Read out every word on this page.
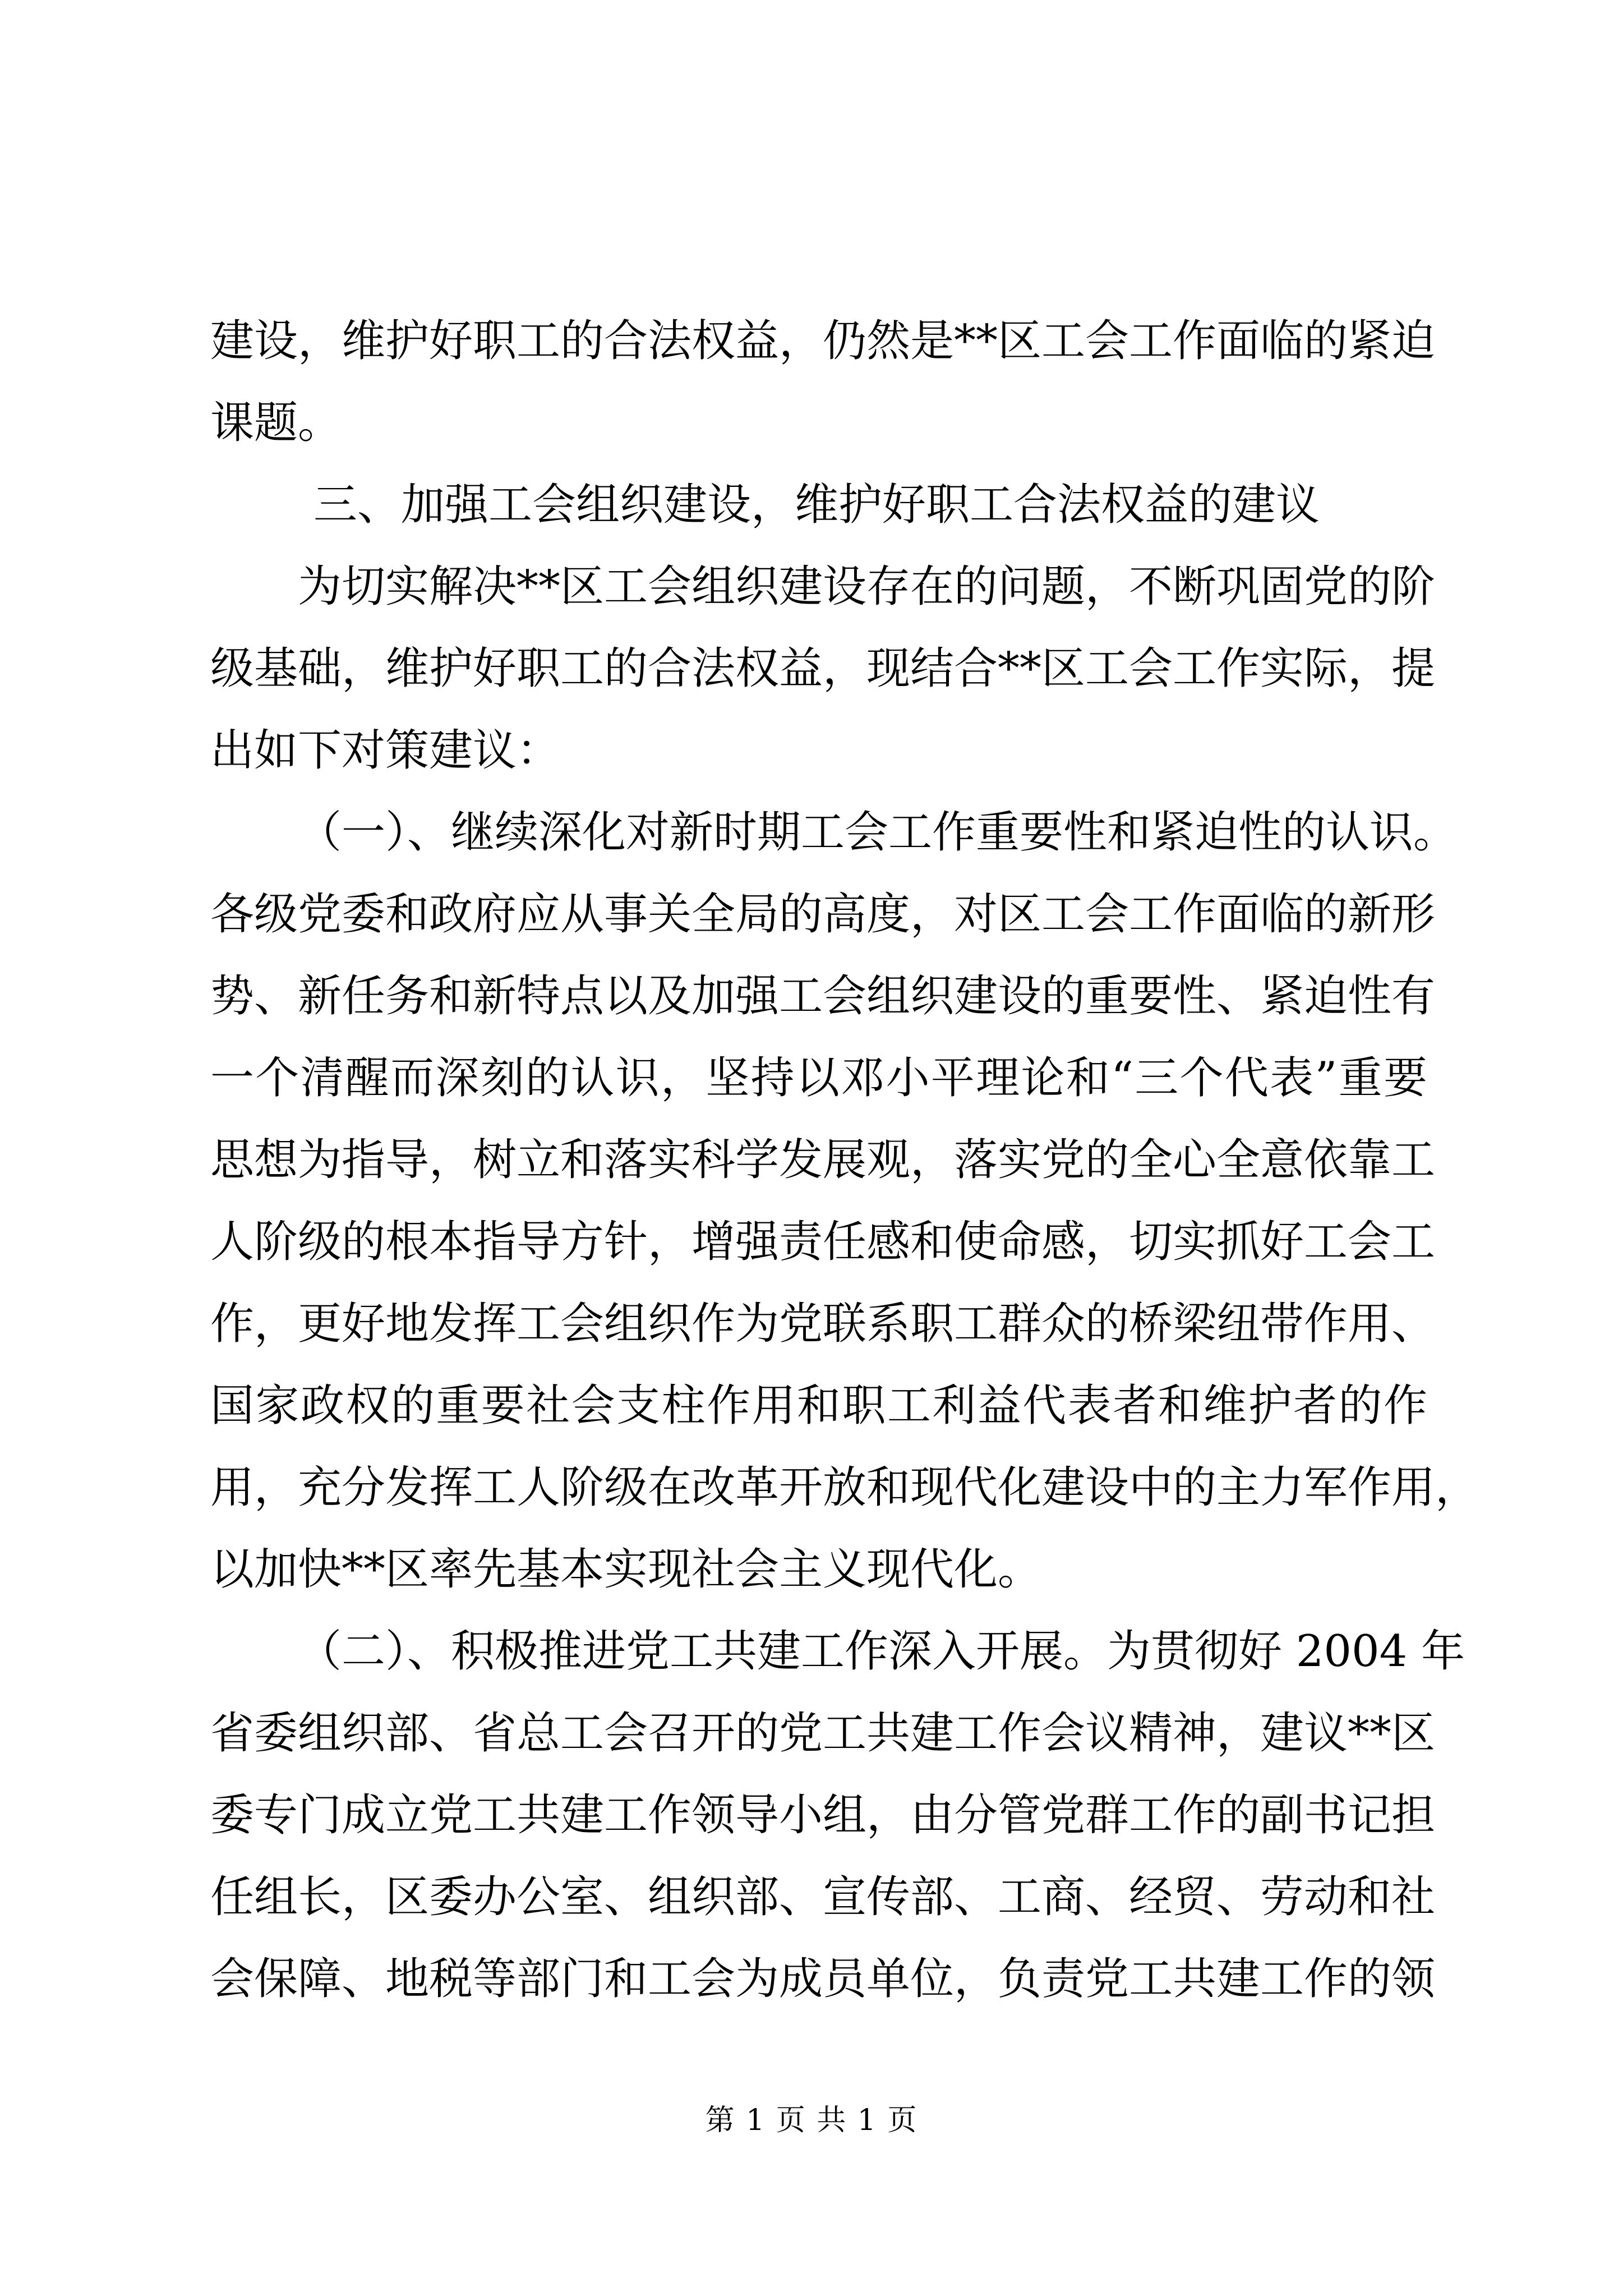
建设，维护好职工的合法权益，仍然是**区工会工作面临的紧迫
课题。
三、加强工会组织建设，维护好职工合法权益的建议
为切实解决**区工会组织建设存在的问题，不断巩固党的阶
级基础，维护好职工的合法权益，现结合**区工会工作实际，提
出如下对策建议：
（一）、继续深化对新时期工会工作重要性和紧迫性的认识。
各级党委和政府应从事关全局的高度，对区工会工作面临的新形
势、新任务和新特点以及加强工会组织建设的重要性、紧迫性有
一个清醒而深刻的认识，坚持以邓小平理论和“三个代表”重要
思想为指导，树立和落实科学发展观，落实党的全心全意依靠工
人阶级的根本指导方针，增强责任感和使命感，切实抓好工会工
作，更好地发挥工会组织作为党联系职工群众的桥梁纽带作用、
国家政权的重要社会支柱作用和职工利益代表者和维护者的作
用，充分发挥工人阶级在改革开放和现代化建设中的主力军作用，
以加快**区率先基本实现社会主义现代化。
（二）、积极推进党工共建工作深入开展。为贯彻好 2004 年
省委组织部、省总工会召开的党工共建工作会议精神，建议**区
委专门成立党工共建工作领导小组，由分管党群工作的副书记担
任组长，区委办公室、组织部、宣传部、工商、经贸、劳动和社
会保障、地税等部门和工会为成员单位，负责党工共建工作的领
第 1 页 共 1 页
